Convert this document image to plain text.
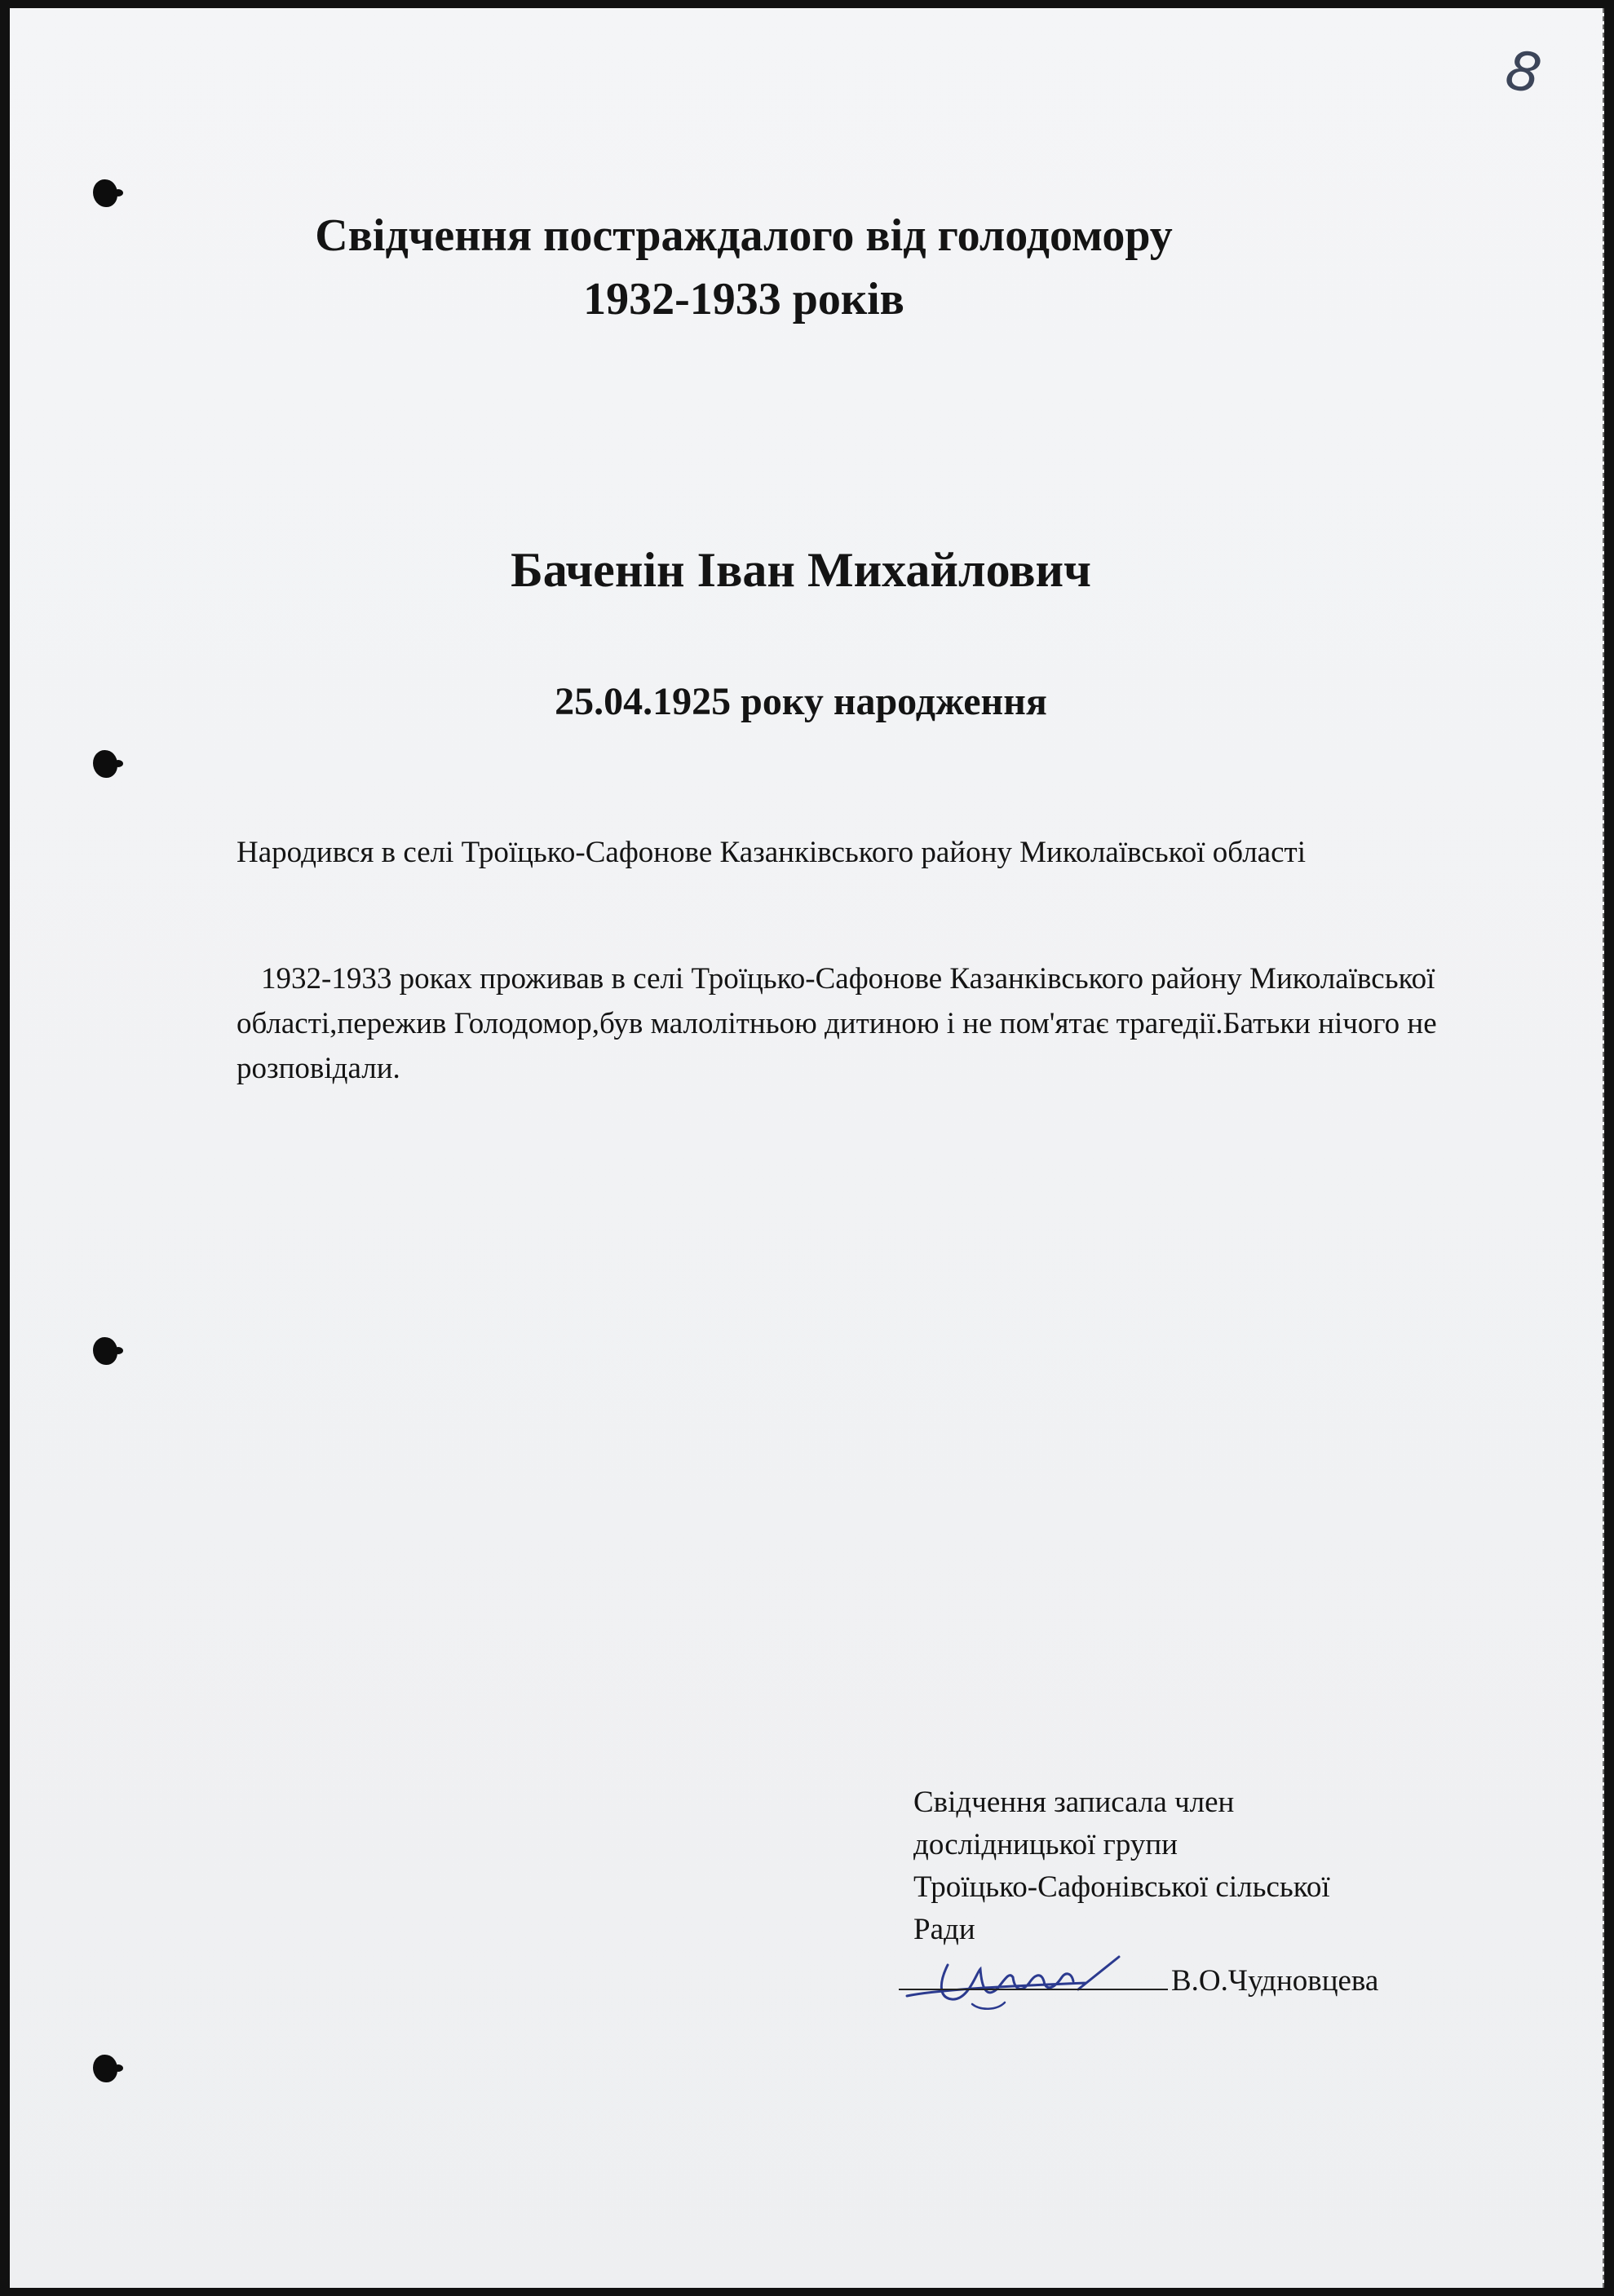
8
Свідчення постраждалого від голодомору
1932-1933 років
Баченін Іван Михайлович
25.04.1925 року народження

Народився в селі Троїцько-Сафонове Казанківського району Миколаївської області

1932-1933 роках проживав в селі Троїцько-Сафонове Казанківського району Миколаївської області,пережив Голодомор,був малолітньою дитиною і не пом'ятає трагедії.Батьки нічого не розповідали.

Свідчення записала член
дослідницької групи
Троїцько-Сафонівської сільської
Ради
В.О.Чудновцева
